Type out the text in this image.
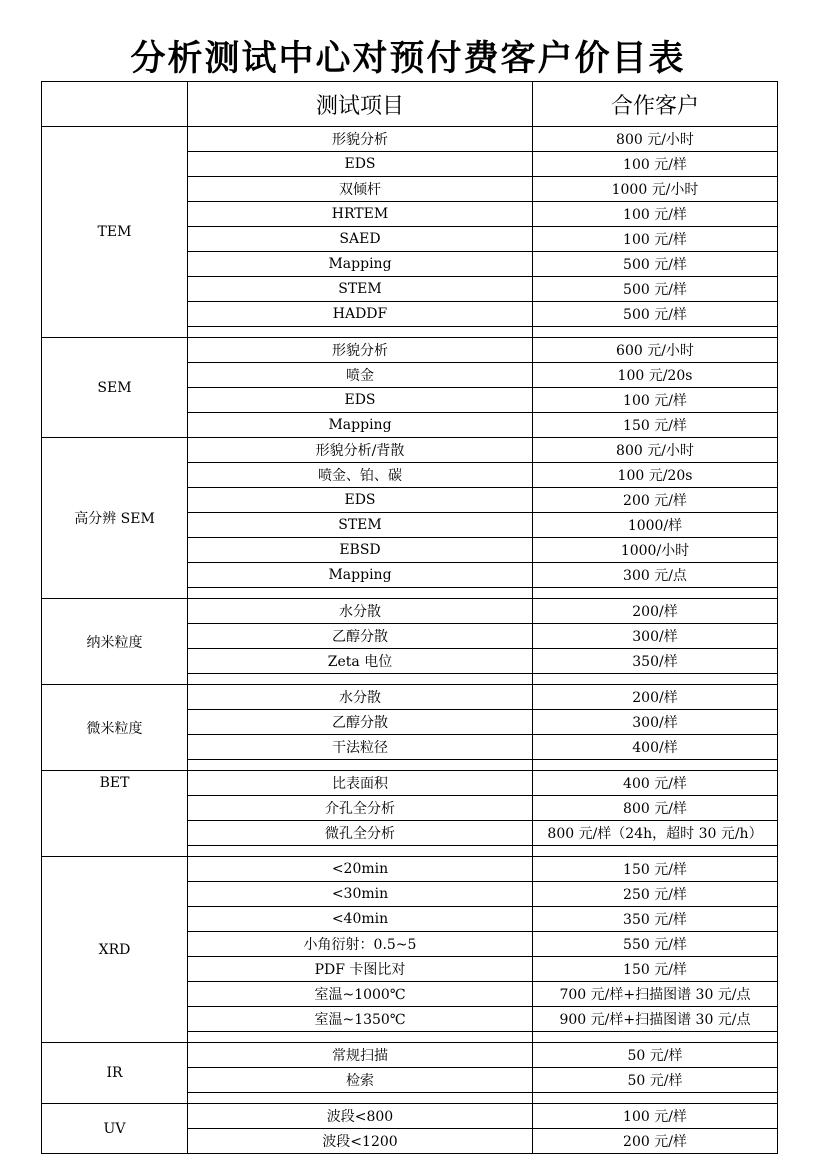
分析测试中心对预付费客户价目表
	测试项目	合作客户
TEM	形貌分析	800 元/小时
	EDS	100 元/样
	双倾杆	1000 元/小时
	HRTEM	100 元/样
	SAED	100 元/样
	Mapping	500 元/样
	STEM	500 元/样
	HADDF	500 元/样

SEM	形貌分析	600 元/小时
	喷金	100 元/20s
	EDS	100 元/样
	Mapping	150 元/样
高分辨 SEM	形貌分析/背散	800 元/小时
	喷金、铂、碳	100 元/20s
	EDS	200 元/样
	STEM	1000/样
	EBSD	1000/小时
	Mapping	300 元/点

纳米粒度	水分散	200/样
	乙醇分散	300/样
	Zeta 电位	350/样

微米粒度	水分散	200/样
	乙醇分散	300/样
	干法粒径	400/样

BET	比表面积	400 元/样
	介孔全分析	800 元/样
	微孔全分析	800 元/样（24h，超时 30 元/h）

XRD	<20min	150 元/样
	<30min	250 元/样
	<40min	350 元/样
	小角衍射：0.5~5	550 元/样
	PDF 卡图比对	150 元/样
	室温~1000℃	700 元/样+扫描图谱 30 元/点
	室温~1350℃	900 元/样+扫描图谱 30 元/点

IR	常规扫描	50 元/样
	检索	50 元/样

UV	波段<800	100 元/样
	波段<1200	200 元/样
